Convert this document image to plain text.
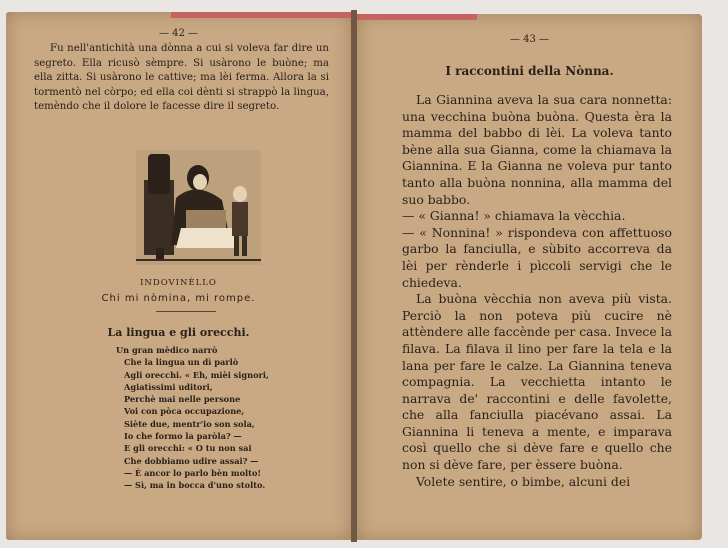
— 42 —
Fu nell'antichità una dònna a cui si voleva far dire un segreto. Ella ricusò sèmpre. Si usàrono le buòne; ma ella zitta. Si usàrono le cattive; ma lèi ferma. Allora la si tormentò nel còrpo; ed ella coi dènti si strappò la lingua, temèndo che il dolore le facesse dire il segreto.
INDOVINÈLLO
Chi mi nòmina, mi rompe.
La lingua e gli orecchi.
Un gran mèdico narrò
Che la lingua un dì parlò
Agli orecchi. « Eh, mièi signori,
Agiatìssimi uditori,
Perchè mai nelle persone
Voi con pòca occupazione,
Siète due, mentr'io son sola,
Io che formo la paròla? —
E gli orecchi: « O tu non sai
Che dobbiamo udire assai? —
— È ancor lo parlo bèn molto!
— Sì, ma in bocca d'uno stolto.
— 43 —
I raccontini della Nònna.

La Giannina aveva la sua cara nonnetta: una vecchina buòna buòna. Questa èra la mamma del babbo di lèi. La voleva tanto bène alla sua Gianna, come la chiamava la Giannina. E la Gianna ne voleva pur tanto tanto alla buòna nonnina, alla mamma del suo babbo.

— « Gianna! » chiamava la vècchia.

— « Nonnina! » rispondeva con affettuoso garbo la fanciulla, e sùbito accorreva da lèi per rènderle i pìccoli servigi che le chiedeva.

La buòna vècchia non aveva più vista. Perciò la non poteva più cucire nè attèndere alle faccènde per casa. Invece la filava. La filava il lino per fare la tela e la lana per fare le calze. La Giannina teneva compagnia. La vecchietta intanto le narrava de' raccontini e delle favolette, che alla fanciulla piacévano assai. La Giannina li teneva a mente, e imparava così quello che si dève fare e quello che non si dève fare, per èssere buòna.

Volete sentire, o bimbe, alcuni dei
